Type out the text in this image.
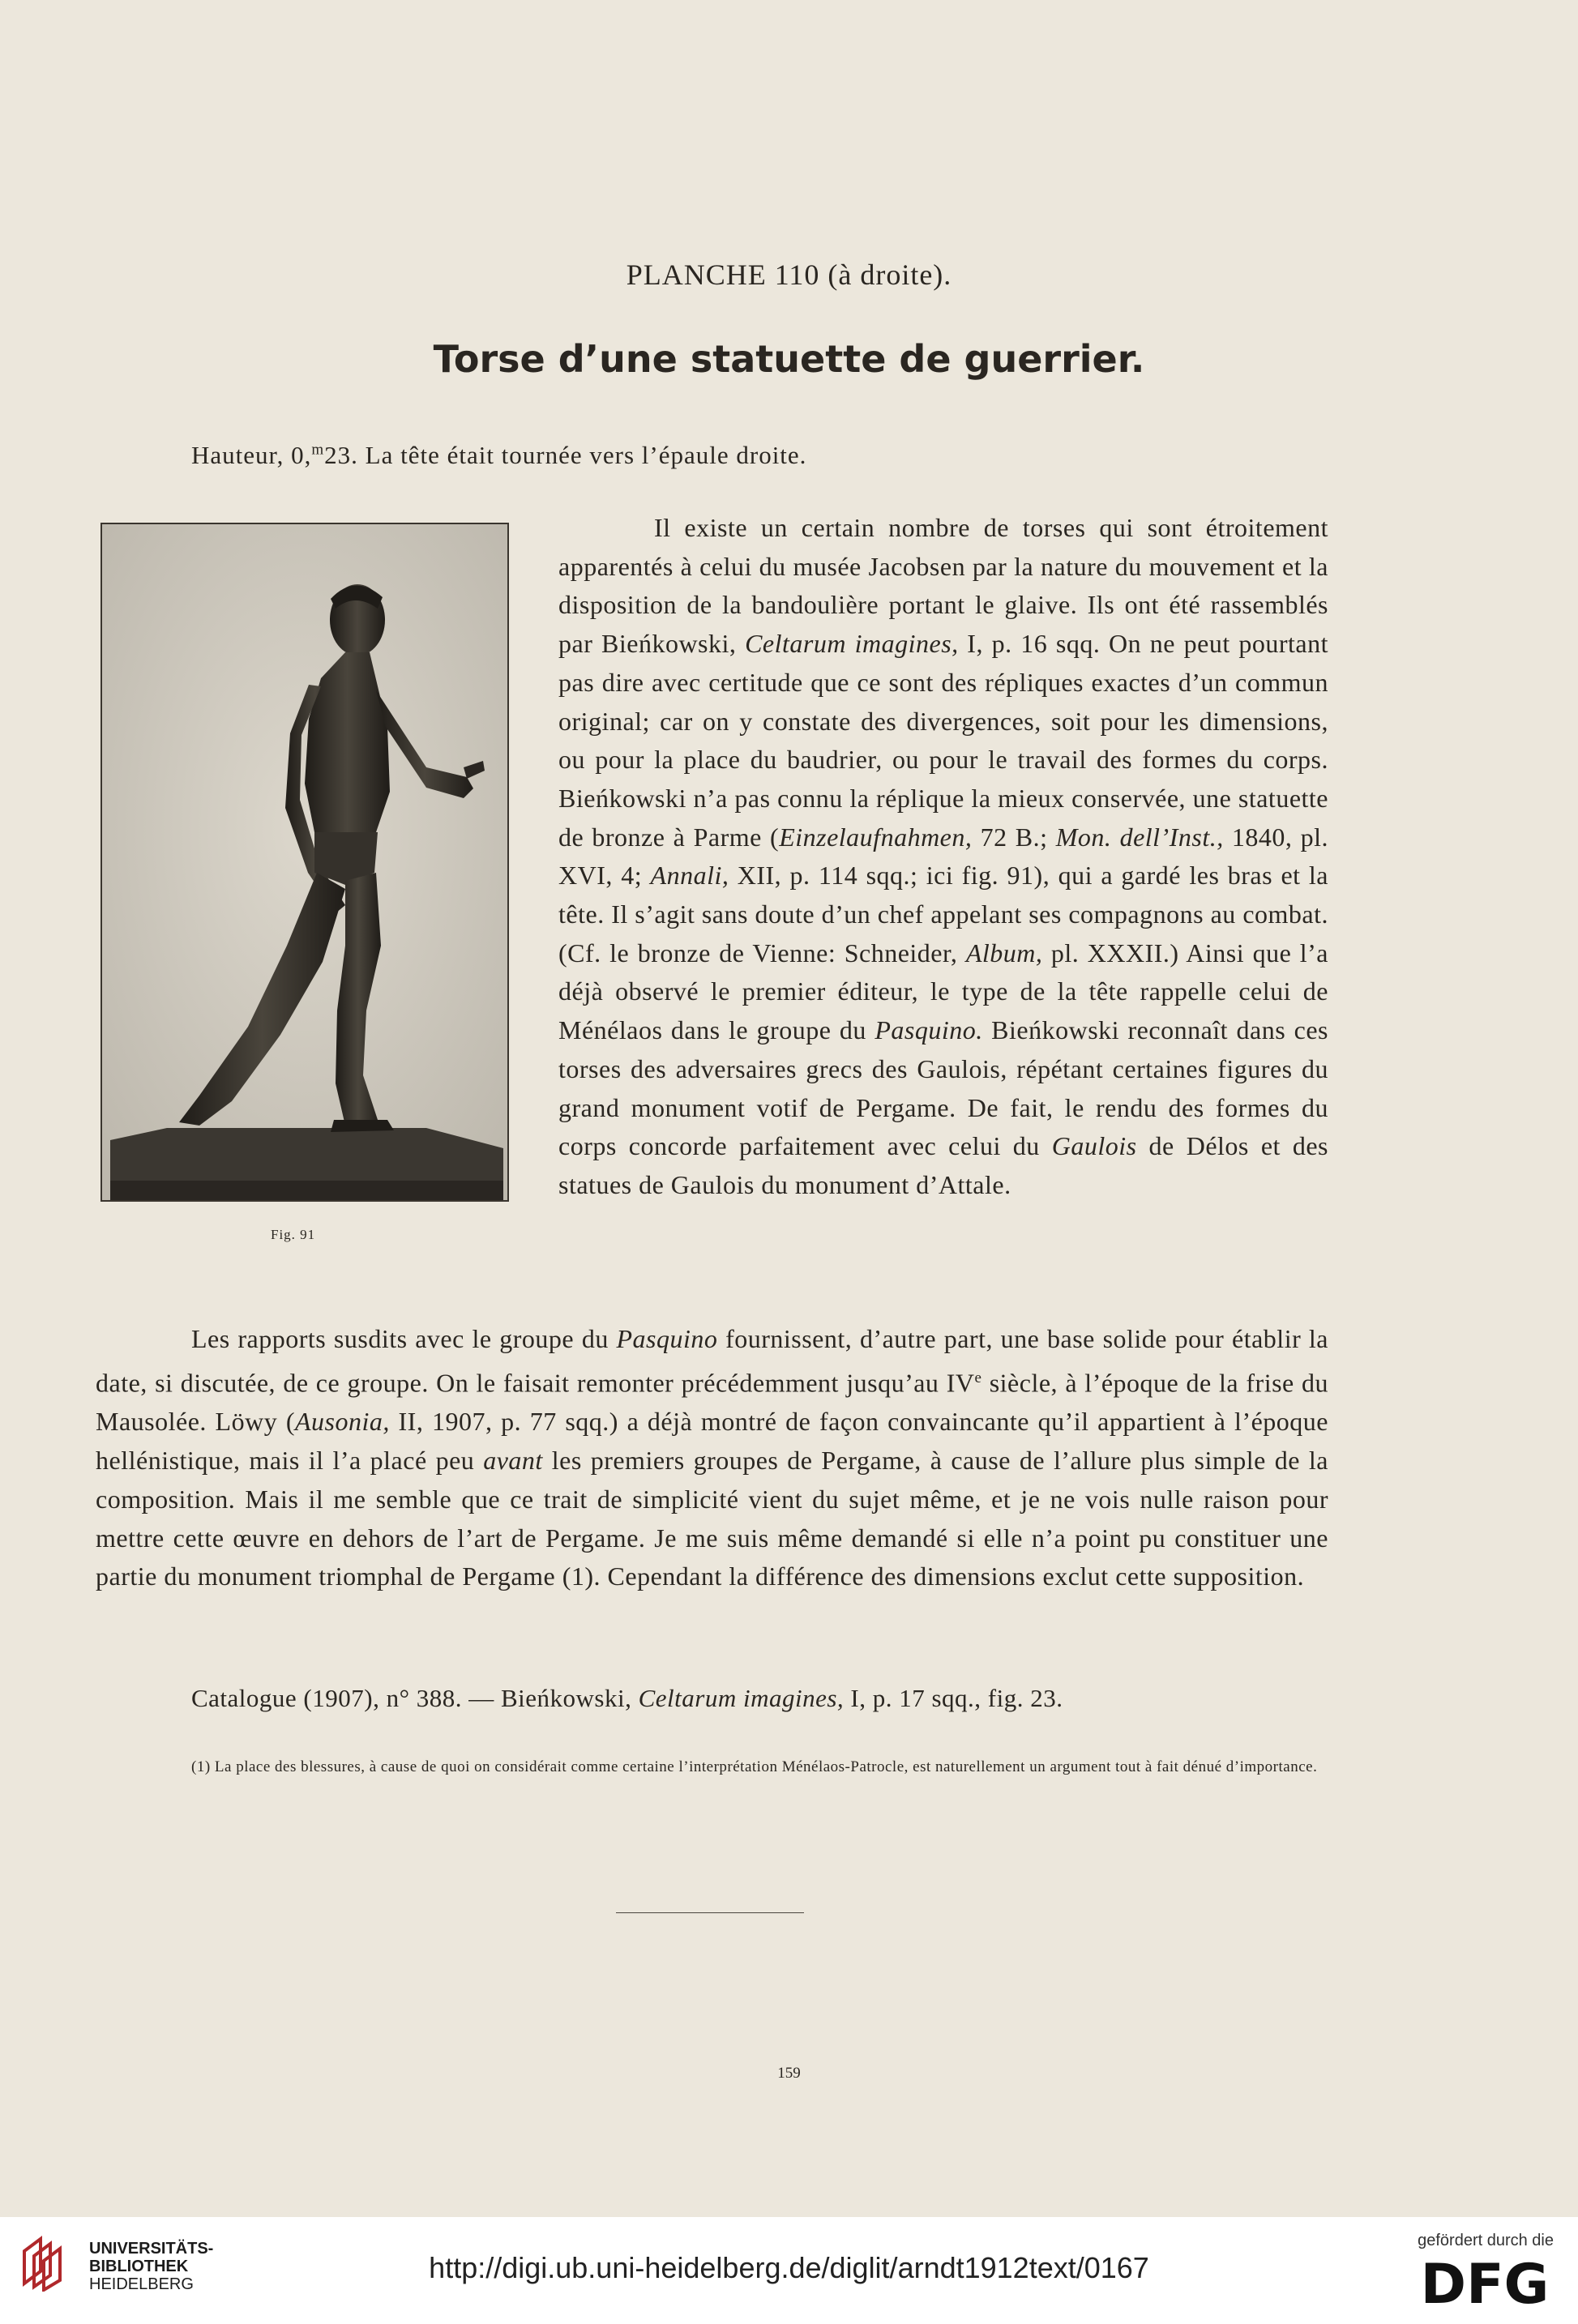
PLANCHE 110 (à droite).
Torse d’une statuette de guerrier.
Hauteur, 0,$^m$23. La tête était tournée vers l’épaule droite.
Fig. 91

Il existe un certain nombre de torses qui sont étroitement apparentés à celui du musée Jacobsen par la nature du mouvement et la disposition de la bandoulière portant le glaive. Ils ont été rassemblés par Bieńkowski, Celtarum imagines, I, p. 16 sqq. On ne peut pourtant pas dire avec certitude que ce sont des répliques exactes d’un commun original; car on y constate des divergences, soit pour les dimensions, ou pour la place du baudrier, ou pour le travail des formes du corps. Bieńkowski n’a pas connu la réplique la mieux conservée, une statuette de bronze à Parme (Einzelaufnahmen, 72 B.; Mon. dell’Inst., 1840, pl. XVI, 4; Annali, XII, p. 114 sqq.; ici fig. 91), qui a gardé les bras et la tête. Il s’agit sans doute d’un chef appelant ses compagnons au combat. (Cf. le bronze de Vienne: Schneider, Album, pl. XXXII.) Ainsi que l’a déjà observé le premier éditeur, le type de la tête rappelle celui de Ménélaos dans le groupe du Pasquino. Bieńkowski reconnaît dans ces torses des adversaires grecs des Gaulois, répétant certaines figures du grand monument votif de Pergame. De fait, le rendu des formes du corps concorde parfaitement avec celui du Gaulois de Délos et des statues de Gaulois du monument d’Attale.

Les rapports susdits avec le groupe du Pasquino fournissent, d’autre part, une base solide pour établir la date, si discutée, de ce groupe. On le faisait remonter précédemment jusqu’au IVe siècle, à l’époque de la frise du Mausolée. Löwy (Ausonia, II, 1907, p. 77 sqq.) a déjà montré de façon convaincante qu’il appartient à l’époque hellénistique, mais il l’a placé peu avant les premiers groupes de Pergame, à cause de l’allure plus simple de la composition. Mais il me semble que ce trait de simplicité vient du sujet même, et je ne vois nulle raison pour mettre cette œuvre en dehors de l’art de Pergame. Je me suis même demandé si elle n’a point pu constituer une partie du monument triomphal de Pergame (1). Cependant la différence des dimensions exclut cette supposition.

Catalogue (1907), n° 388. — Bieńkowski, Celtarum imagines, I, p. 17 sqq., fig. 23.

(1) La place des blessures, à cause de quoi on considérait comme certaine l’interprétation Ménélaos-Patrocle, est naturellement un argument tout à fait dénué d’importance.

159
UNIVERSITÄTS-
BIBLIOTHEK
HEIDELBERG	http://digi.ub.uni-heidelberg.de/diglit/arndt1912text/0167
gefördert durch die
DFG
